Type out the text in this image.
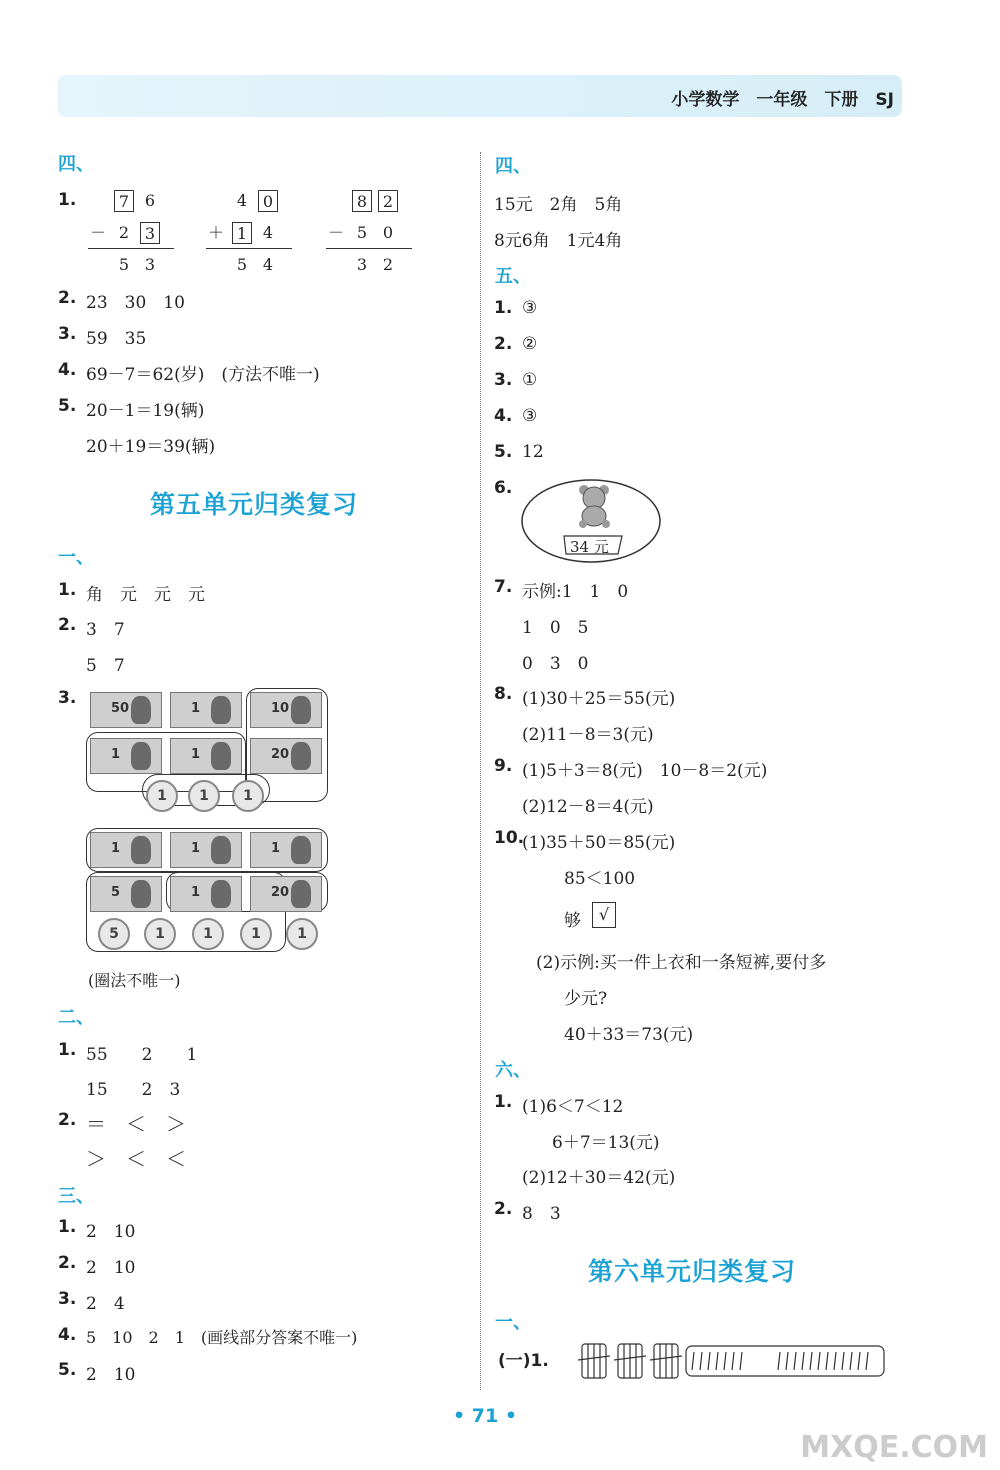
小学数学　一年级　下册　SJ
四、
1.	7 6
－ 2 3
5 3
4 0
＋ 1 4
5 4
8 2
－ 5 0
3 2
2. 23　30　10
3. 59　35
4. 69－7＝62(岁)　(方法不唯一)
5. 20－1＝19(辆)
20＋19＝39(辆)
第五单元归类复习
一、
1. 角　元　元　元
2. 3　7
5　7
3.
50	1	10
1	1	20
1	1	1
1	1	1
5	1	20
5	1	1	1	1
(圈法不唯一)
二、
1. 55　　2　　1
15　　2　3
2. ＝　＜　＞
＞　＜　＜
三、
1. 2　10
2. 2　10
3. 2　4
4. 5　10　2　1　(画线部分答案不唯一)
5. 2　10
四、
15元　2角　5角
8元6角　1元4角
五、
1. ③
2. ②
3. ①
4. ③
5. 12
6.
34 元
7. 示例:1　1　0
1　0　5
0　3　0
8. (1)30＋25＝55(元)
(2)11－8＝3(元)
9. (1)5＋3＝8(元)　10－8＝2(元)
(2)12－8＝4(元)
10.
(1)35＋50＝85(元)
85＜100
够	√
(2)示例:买一件上衣和一条短裤,要付多
少元?
40＋33＝73(元)
六、
1. (1)6＜7＜12
6＋7＝13(元)
(2)12＋30＝42(元)
2. 8　3
第六单元归类复习
一、
(一)1.
• 71 •
MXQE.COM
